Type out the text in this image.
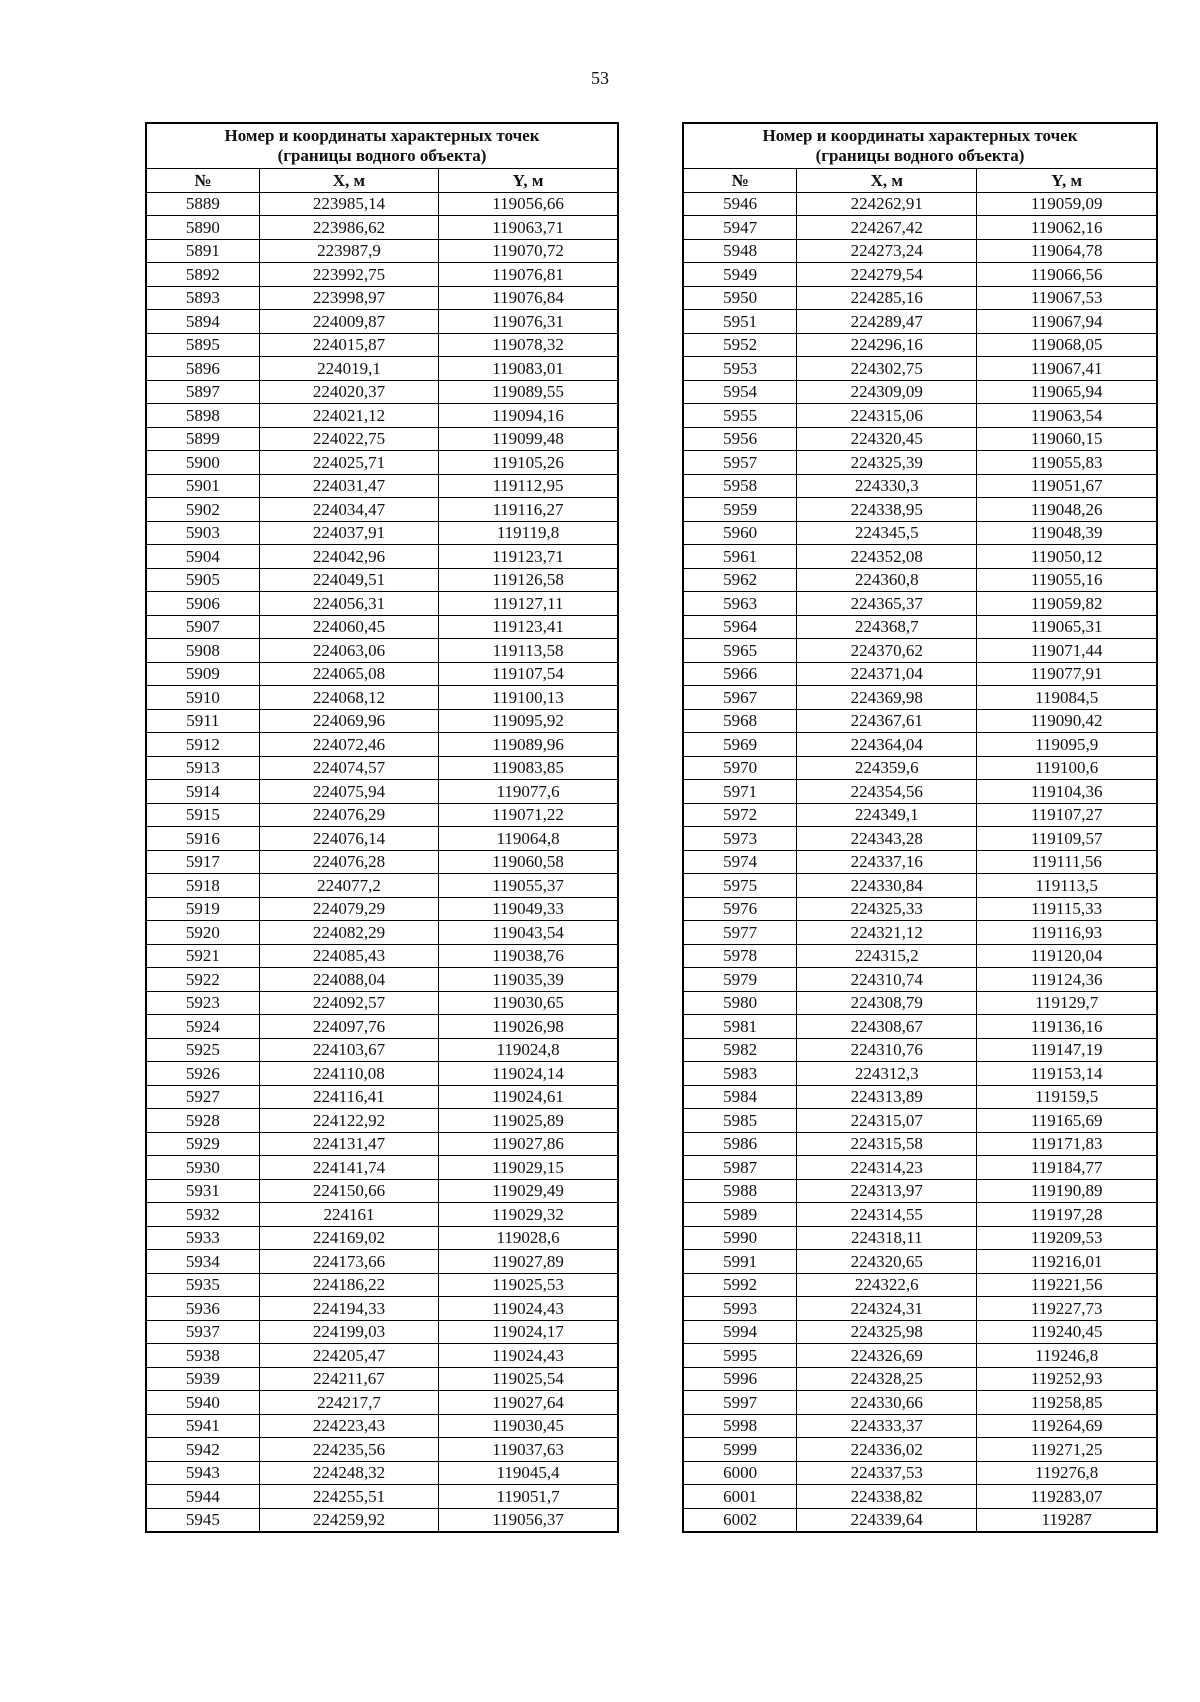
53
Номер и координаты характерных точек
(границы водного объекта)		

№	X, м	Y, м
5889	223985,14	119056,66
5890	223986,62	119063,71
5891	223987,9	119070,72
5892	223992,75	119076,81
5893	223998,97	119076,84
5894	224009,87	119076,31
5895	224015,87	119078,32
5896	224019,1	119083,01
5897	224020,37	119089,55
5898	224021,12	119094,16
5899	224022,75	119099,48
5900	224025,71	119105,26
5901	224031,47	119112,95
5902	224034,47	119116,27
5903	224037,91	119119,8
5904	224042,96	119123,71
5905	224049,51	119126,58
5906	224056,31	119127,11
5907	224060,45	119123,41
5908	224063,06	119113,58
5909	224065,08	119107,54
5910	224068,12	119100,13
5911	224069,96	119095,92
5912	224072,46	119089,96
5913	224074,57	119083,85
5914	224075,94	119077,6
5915	224076,29	119071,22
5916	224076,14	119064,8
5917	224076,28	119060,58
5918	224077,2	119055,37
5919	224079,29	119049,33
5920	224082,29	119043,54
5921	224085,43	119038,76
5922	224088,04	119035,39
5923	224092,57	119030,65
5924	224097,76	119026,98
5925	224103,67	119024,8
5926	224110,08	119024,14
5927	224116,41	119024,61
5928	224122,92	119025,89
5929	224131,47	119027,86
5930	224141,74	119029,15
5931	224150,66	119029,49
5932	224161	119029,32
5933	224169,02	119028,6
5934	224173,66	119027,89
5935	224186,22	119025,53
5936	224194,33	119024,43
5937	224199,03	119024,17
5938	224205,47	119024,43
5939	224211,67	119025,54
5940	224217,7	119027,64
5941	224223,43	119030,45
5942	224235,56	119037,63
5943	224248,32	119045,4
5944	224255,51	119051,7
5945	224259,92	119056,37
Номер и координаты характерных точек
(границы водного объекта)		

№	X, м	Y, м
5946	224262,91	119059,09
5947	224267,42	119062,16
5948	224273,24	119064,78
5949	224279,54	119066,56
5950	224285,16	119067,53
5951	224289,47	119067,94
5952	224296,16	119068,05
5953	224302,75	119067,41
5954	224309,09	119065,94
5955	224315,06	119063,54
5956	224320,45	119060,15
5957	224325,39	119055,83
5958	224330,3	119051,67
5959	224338,95	119048,26
5960	224345,5	119048,39
5961	224352,08	119050,12
5962	224360,8	119055,16
5963	224365,37	119059,82
5964	224368,7	119065,31
5965	224370,62	119071,44
5966	224371,04	119077,91
5967	224369,98	119084,5
5968	224367,61	119090,42
5969	224364,04	119095,9
5970	224359,6	119100,6
5971	224354,56	119104,36
5972	224349,1	119107,27
5973	224343,28	119109,57
5974	224337,16	119111,56
5975	224330,84	119113,5
5976	224325,33	119115,33
5977	224321,12	119116,93
5978	224315,2	119120,04
5979	224310,74	119124,36
5980	224308,79	119129,7
5981	224308,67	119136,16
5982	224310,76	119147,19
5983	224312,3	119153,14
5984	224313,89	119159,5
5985	224315,07	119165,69
5986	224315,58	119171,83
5987	224314,23	119184,77
5988	224313,97	119190,89
5989	224314,55	119197,28
5990	224318,11	119209,53
5991	224320,65	119216,01
5992	224322,6	119221,56
5993	224324,31	119227,73
5994	224325,98	119240,45
5995	224326,69	119246,8
5996	224328,25	119252,93
5997	224330,66	119258,85
5998	224333,37	119264,69
5999	224336,02	119271,25
6000	224337,53	119276,8
6001	224338,82	119283,07
6002	224339,64	119287
